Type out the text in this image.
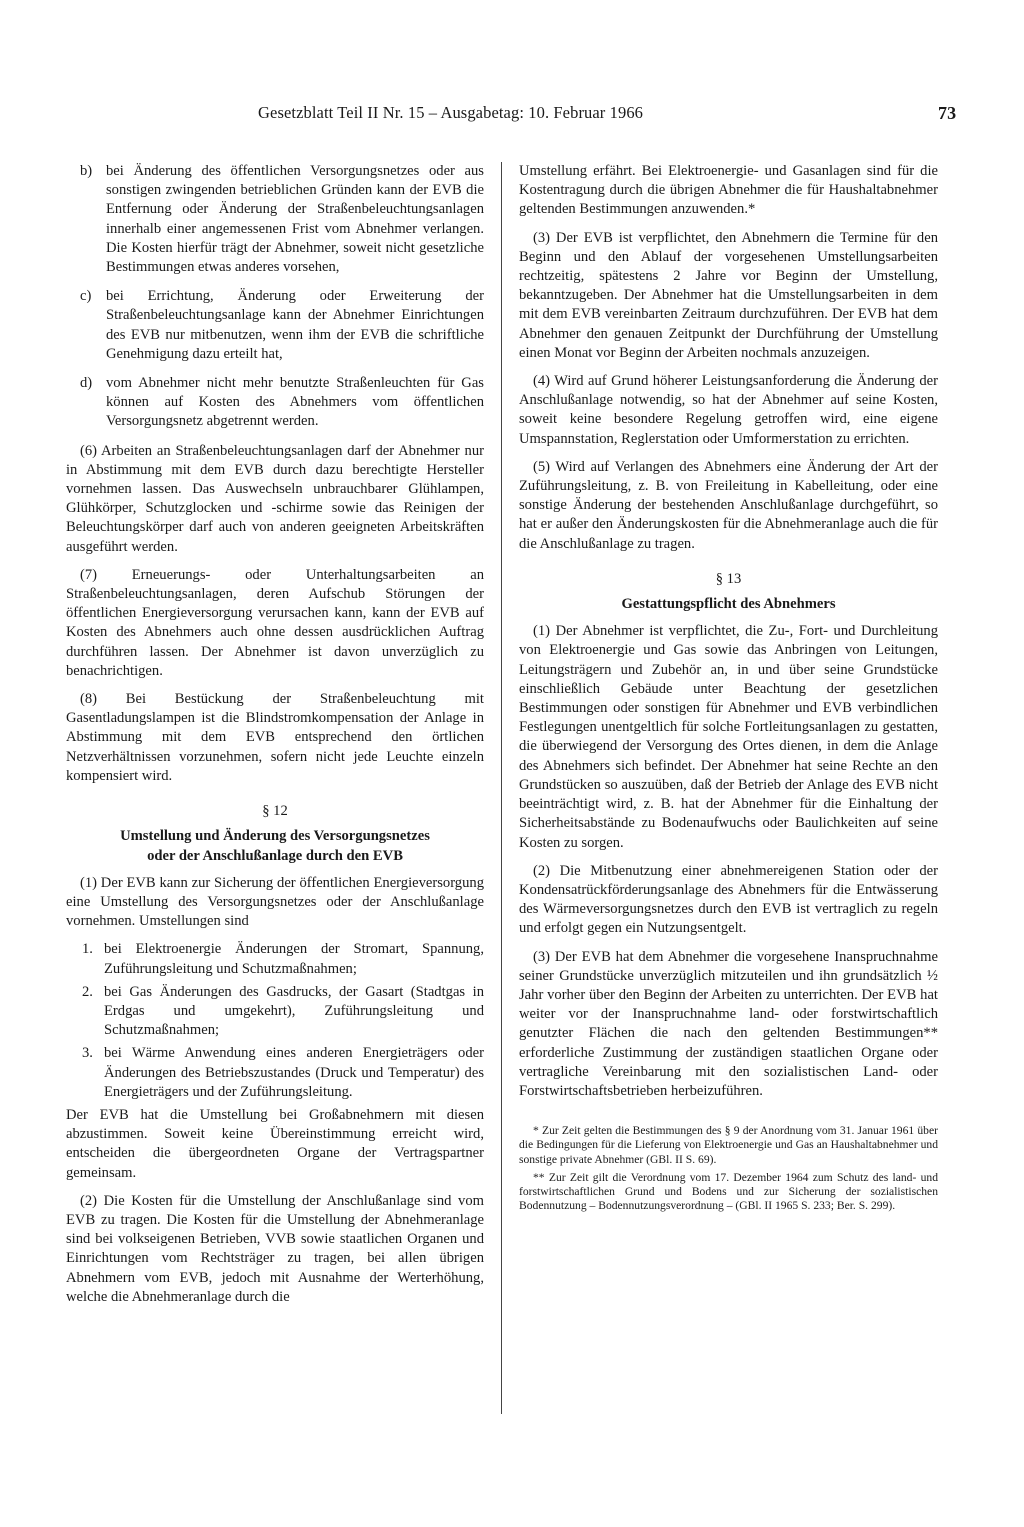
Gesetzblatt Teil II Nr. 15 – Ausgabetag: 10. Februar 1966	73
b) bei Änderung des öffentlichen Versorgungsnetzes oder aus sonstigen zwingenden betrieblichen Gründen kann der EVB die Entfernung oder Änderung der Straßenbeleuchtungsanlagen innerhalb einer angemessenen Frist vom Abnehmer verlangen. Die Kosten hierfür trägt der Abnehmer, soweit nicht gesetzliche Bestimmungen etwas anderes vorsehen,
c) bei Errichtung, Änderung oder Erweiterung der Straßenbeleuchtungsanlage kann der Abnehmer Einrichtungen des EVB nur mitbenutzen, wenn ihm der EVB die schriftliche Genehmigung dazu erteilt hat,
d) vom Abnehmer nicht mehr benutzte Straßenleuchten für Gas können auf Kosten des Abnehmers vom öffentlichen Versorgungsnetz abgetrennt werden.

(6) Arbeiten an Straßenbeleuchtungsanlagen darf der Abnehmer nur in Abstimmung mit dem EVB durch dazu berechtigte Hersteller vornehmen lassen. Das Auswechseln unbrauchbarer Glühlampen, Glühkörper, Schutzglocken und -schirme sowie das Reinigen der Beleuchtungskörper darf auch von anderen geeigneten Arbeitskräften ausgeführt werden.

(7) Erneuerungs- oder Unterhaltungsarbeiten an Straßenbeleuchtungsanlagen, deren Aufschub Störungen der öffentlichen Energieversorgung verursachen kann, kann der EVB auf Kosten des Abnehmers auch ohne dessen ausdrücklichen Auftrag durchführen lassen. Der Abnehmer ist davon unverzüglich zu benachrichtigen.

(8) Bei Bestückung der Straßenbeleuchtung mit Gasentladungslampen ist die Blindstromkompensation der Anlage in Abstimmung mit dem EVB entsprechend den örtlichen Netzverhältnissen vorzunehmen, sofern nicht jede Leuchte einzeln kompensiert wird.

§ 12

Umstellung und Änderung des Versorgungsnetzes
oder der Anschlußanlage durch den EVB

(1) Der EVB kann zur Sicherung der öffentlichen Energieversorgung eine Umstellung des Versorgungsnetzes oder der Anschlußanlage vornehmen. Umstellungen sind

1. bei Elektroenergie Änderungen der Stromart, Spannung, Zuführungsleitung und Schutzmaßnahmen;
2. bei Gas Änderungen des Gasdrucks, der Gasart (Stadtgas in Erdgas und umgekehrt), Zuführungsleitung und Schutzmaßnahmen;
3. bei Wärme Anwendung eines anderen Energieträgers oder Änderungen des Betriebszustandes (Druck und Temperatur) des Energieträgers und der Zuführungsleitung.

Der EVB hat die Umstellung bei Großabnehmern mit diesen abzustimmen. Soweit keine Übereinstimmung erreicht wird, entscheiden die übergeordneten Organe der Vertragspartner gemeinsam.

(2) Die Kosten für die Umstellung der Anschlußanlage sind vom EVB zu tragen. Die Kosten für die Umstellung der Abnehmeranlage sind bei volkseigenen Betrieben, VVB sowie staatlichen Organen und Einrichtungen vom Rechtsträger zu tragen, bei allen übrigen Abnehmern vom EVB, jedoch mit Ausnahme der Werterhöhung, welche die Abnehmeranlage durch die

Umstellung erfährt. Bei Elektroenergie- und Gasanlagen sind für die Kostentragung durch die übrigen Abnehmer die für Haushaltabnehmer geltenden Bestimmungen anzuwenden.*

(3) Der EVB ist verpflichtet, den Abnehmern die Termine für den Beginn und den Ablauf der vorgesehenen Umstellungsarbeiten rechtzeitig, spätestens 2 Jahre vor Beginn der Umstellung, bekanntzugeben. Der Abnehmer hat die Umstellungsarbeiten in dem mit dem EVB vereinbarten Zeitraum durchzuführen. Der EVB hat dem Abnehmer den genauen Zeitpunkt der Durchführung der Umstellung einen Monat vor Beginn der Arbeiten nochmals anzuzeigen.

(4) Wird auf Grund höherer Leistungsanforderung die Änderung der Anschlußanlage notwendig, so hat der Abnehmer auf seine Kosten, soweit keine besondere Regelung getroffen wird, eine eigene Umspannstation, Reglerstation oder Umformerstation zu errichten.

(5) Wird auf Verlangen des Abnehmers eine Änderung der Art der Zuführungsleitung, z. B. von Freileitung in Kabelleitung, oder eine sonstige Änderung der bestehenden Anschlußanlage durchgeführt, so hat er außer den Änderungskosten für die Abnehmeranlage auch die für die Anschlußanlage zu tragen.

§ 13

Gestattungspflicht des Abnehmers

(1) Der Abnehmer ist verpflichtet, die Zu-, Fort- und Durchleitung von Elektroenergie und Gas sowie das Anbringen von Leitungen, Leitungsträgern und Zubehör an, in und über seine Grundstücke einschließlich Gebäude unter Beachtung der gesetzlichen Bestimmungen oder sonstigen für Abnehmer und EVB verbindlichen Festlegungen unentgeltlich für solche Fortleitungsanlagen zu gestatten, die überwiegend der Versorgung des Ortes dienen, in dem die Anlage des Abnehmers sich befindet. Der Abnehmer hat seine Rechte an den Grundstücken so auszuüben, daß der Betrieb der Anlage des EVB nicht beeinträchtigt wird, z. B. hat der Abnehmer für die Einhaltung der Sicherheitsabstände zu Bodenaufwuchs oder Baulichkeiten auf seine Kosten zu sorgen.

(2) Die Mitbenutzung einer abnehmereigenen Station oder der Kondensatrückförderungsanlage des Abnehmers für die Entwässerung des Wärmeversorgungsnetzes durch den EVB ist vertraglich zu regeln und erfolgt gegen ein Nutzungsentgelt.

(3) Der EVB hat dem Abnehmer die vorgesehene Inanspruchnahme seiner Grundstücke unverzüglich mitzuteilen und ihn grundsätzlich ½ Jahr vorher über den Beginn der Arbeiten zu unterrichten. Der EVB hat weiter vor der Inanspruchnahme land- oder forstwirtschaftlich genutzter Flächen die nach den geltenden Bestimmungen** erforderliche Zustimmung der zuständigen staatlichen Organe oder vertragliche Vereinbarung mit den sozialistischen Land- oder Forstwirtschaftsbetrieben herbeizuführen.

* Zur Zeit gelten die Bestimmungen des § 9 der Anordnung vom 31. Januar 1961 über die Bedingungen für die Lieferung von Elektroenergie und Gas an Haushaltabnehmer und sonstige private Abnehmer (GBl. II S. 69).

** Zur Zeit gilt die Verordnung vom 17. Dezember 1964 zum Schutz des land- und forstwirtschaftlichen Grund und Bodens und zur Sicherung der sozialistischen Bodennutzung – Bodennutzungsverordnung – (GBl. II 1965 S. 233; Ber. S. 299).
